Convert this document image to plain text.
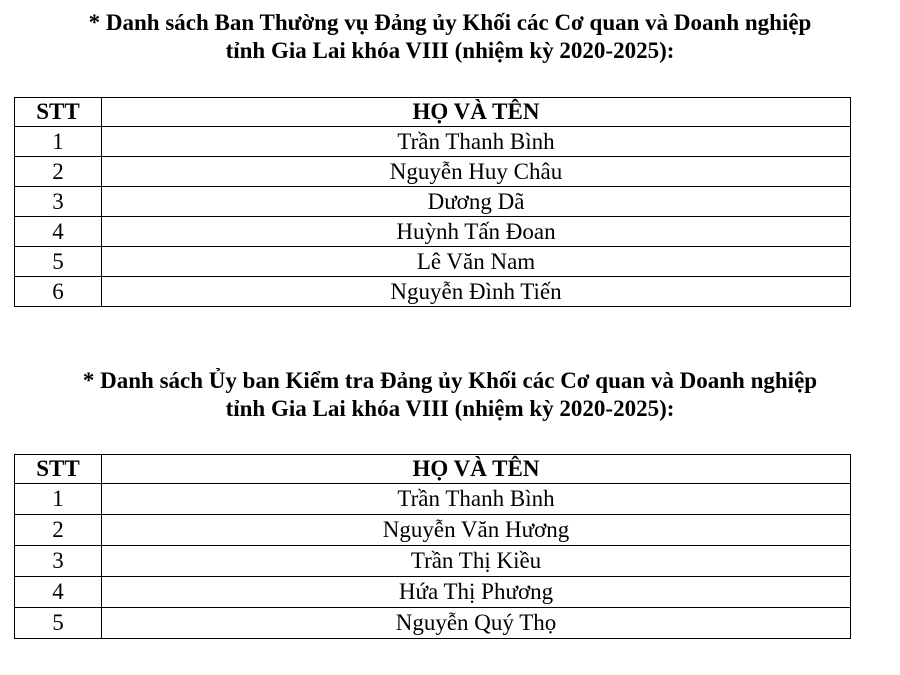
* Danh sách Ban Thường vụ Đảng ủy Khối các Cơ quan và Doanh nghiệp
tỉnh Gia Lai khóa VIII (nhiệm kỳ 2020-2025):
STT	HỌ VÀ TÊN
1	Trần Thanh Bình
2	Nguyễn Huy Châu
3	Dương Dã
4	Huỳnh Tấn Đoan
5	Lê Văn Nam
6	Nguyễn Đình Tiến
* Danh sách Ủy ban Kiểm tra Đảng ủy Khối các Cơ quan và Doanh nghiệp
tỉnh Gia Lai khóa VIII (nhiệm kỳ 2020-2025):
STT	HỌ VÀ TÊN
1	Trần Thanh Bình
2	Nguyễn Văn Hương
3	Trần Thị Kiều
4	Hứa Thị Phương
5	Nguyễn Quý Thọ
